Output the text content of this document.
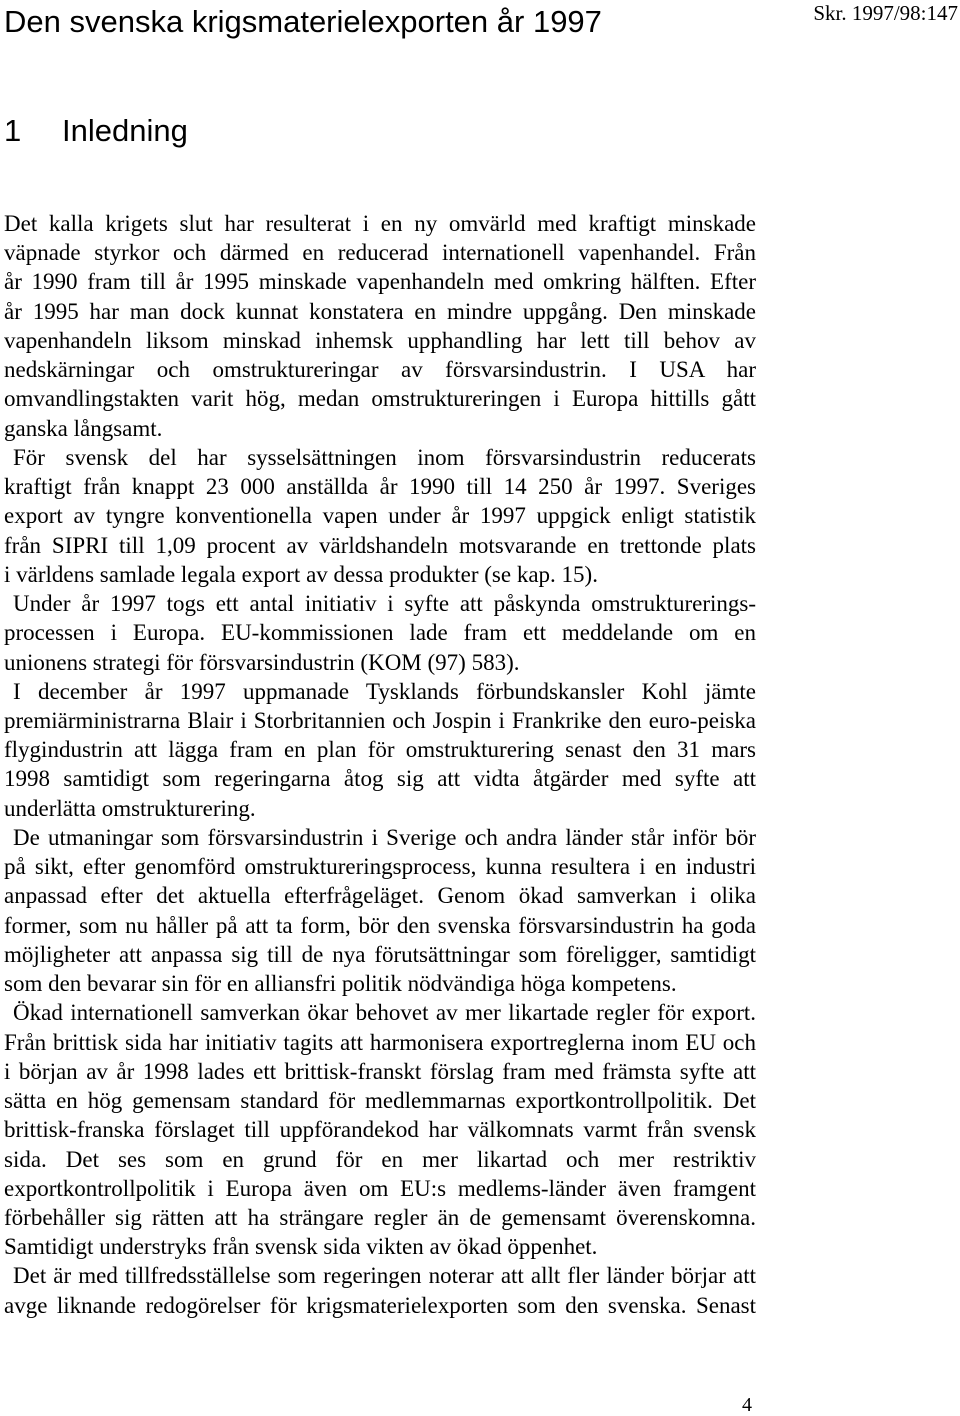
Den svenska krigsmaterielexporten år 1997	Skr. 1997/98:147
1 Inledning
Det kalla krigets slut har resulterat i en ny omvärld med kraftigt minskade
väpnade styrkor och därmed en reducerad internationell vapenhandel. Från
år 1990 fram till år 1995 minskade vapenhandeln med omkring hälften. Efter
år 1995 har man dock kunnat konstatera en mindre uppgång. Den minskade
vapenhandeln liksom minskad inhemsk upphandling har lett till behov av
nedskärningar och omstruktureringar av försvarsindustrin. I USA har
omvandlingstakten varit hög, medan omstruktureringen i Europa hittills gått
ganska långsamt.
För svensk del har sysselsättningen inom försvarsindustrin reducerats
kraftigt från knappt 23 000 anställda år 1990 till 14 250 år 1997. Sveriges
export av tyngre konventionella vapen under år 1997 uppgick enligt statistik
från SIPRI till 1,09 procent av världshandeln motsvarande en trettonde plats
i världens samlade legala export av dessa produkter (se kap. 15).
Under år 1997 togs ett antal initiativ i syfte att påskynda omstrukturerings-
processen i Europa. EU-kommissionen lade fram ett meddelande om en
unionens strategi för försvarsindustrin (KOM (97) 583).
I december år 1997 uppmanade Tysklands förbundskansler Kohl jämte
premiärministrarna Blair i Storbritannien och Jospin i Frankrike den euro-peiska
flygindustrin att lägga fram en plan för omstrukturering senast den 31 mars
1998 samtidigt som regeringarna åtog sig att vidta åtgärder med syfte att
underlätta omstrukturering.
De utmaningar som försvarsindustrin i Sverige och andra länder står inför bör
på sikt, efter genomförd omstruktureringsprocess, kunna resultera i en industri
anpassad efter det aktuella efterfrågeläget. Genom ökad samverkan i olika
former, som nu håller på att ta form, bör den svenska försvarsindustrin ha goda
möjligheter att anpassa sig till de nya förutsättningar som föreligger, samtidigt
som den bevarar sin för en alliansfri politik nödvändiga höga kompetens.
Ökad internationell samverkan ökar behovet av mer likartade regler för export.
Från brittisk sida har initiativ tagits att harmonisera exportreglerna inom EU och
i början av år 1998 lades ett brittisk-franskt förslag fram med främsta syfte att
sätta en hög gemensam standard för medlemmarnas exportkontrollpolitik. Det
brittisk-franska förslaget till uppförandekod har välkomnats varmt från svensk
sida. Det ses som en grund för en mer likartad och mer restriktiv
exportkontrollpolitik i Europa även om EU:s medlems-länder även framgent
förbehåller sig rätten att ha strängare regler än de gemensamt överenskomna.
Samtidigt understryks från svensk sida vikten av ökad öppenhet.
Det är med tillfredsställelse som regeringen noterar att allt fler länder börjar att
avge liknande redogörelser för krigsmaterielexporten som den svenska. Senast
4
